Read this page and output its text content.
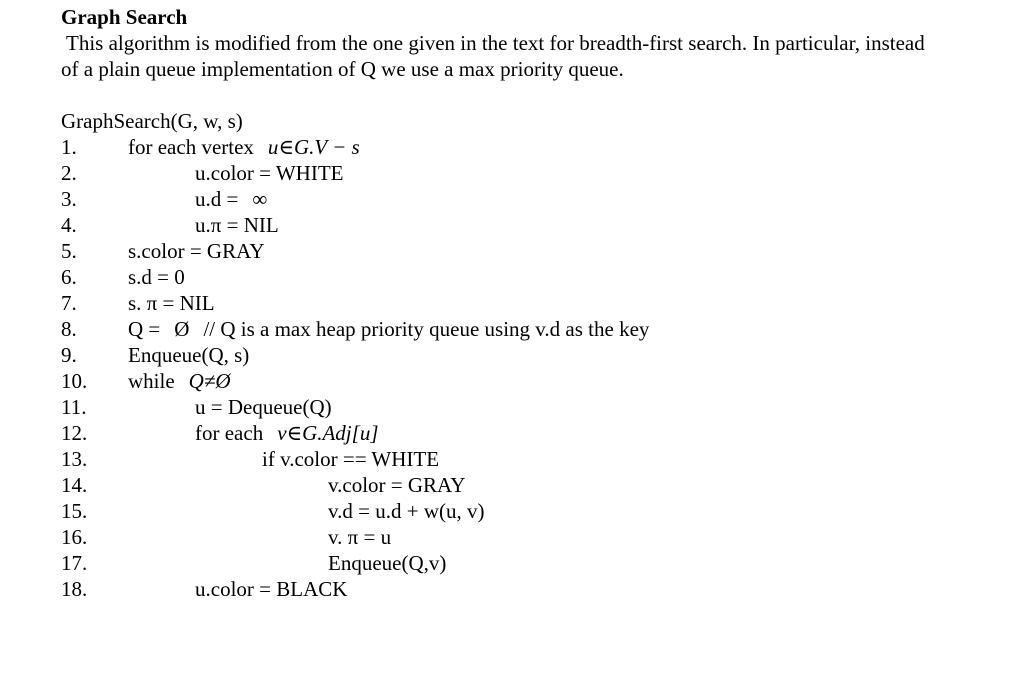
Graph Search
This algorithm is modified from the one given in the text for breadth-first search. In particular, instead
of a plain queue implementation of Q we use a max priority queue.
GraphSearch(G, w, s)
1. for each vertex u∈G.V − s
2.	u.color = WHITE
3.	u.d = ∞
4.	u.π = NIL
5. s.color = GRAY
6. s.d = 0
7. s. π = NIL
8. Q = Ø // Q is a max heap priority queue using v.d as the key
9. Enqueue(Q, s)
10. while Q≠Ø
11.	u = Dequeue(Q)
12.	for each v∈G.Adj[u]
13.	if v.color == WHITE
14.	v.color = GRAY
15.	v.d = u.d + w(u, v)
16.	v. π = u
17.	Enqueue(Q,v)
18.	u.color = BLACK
